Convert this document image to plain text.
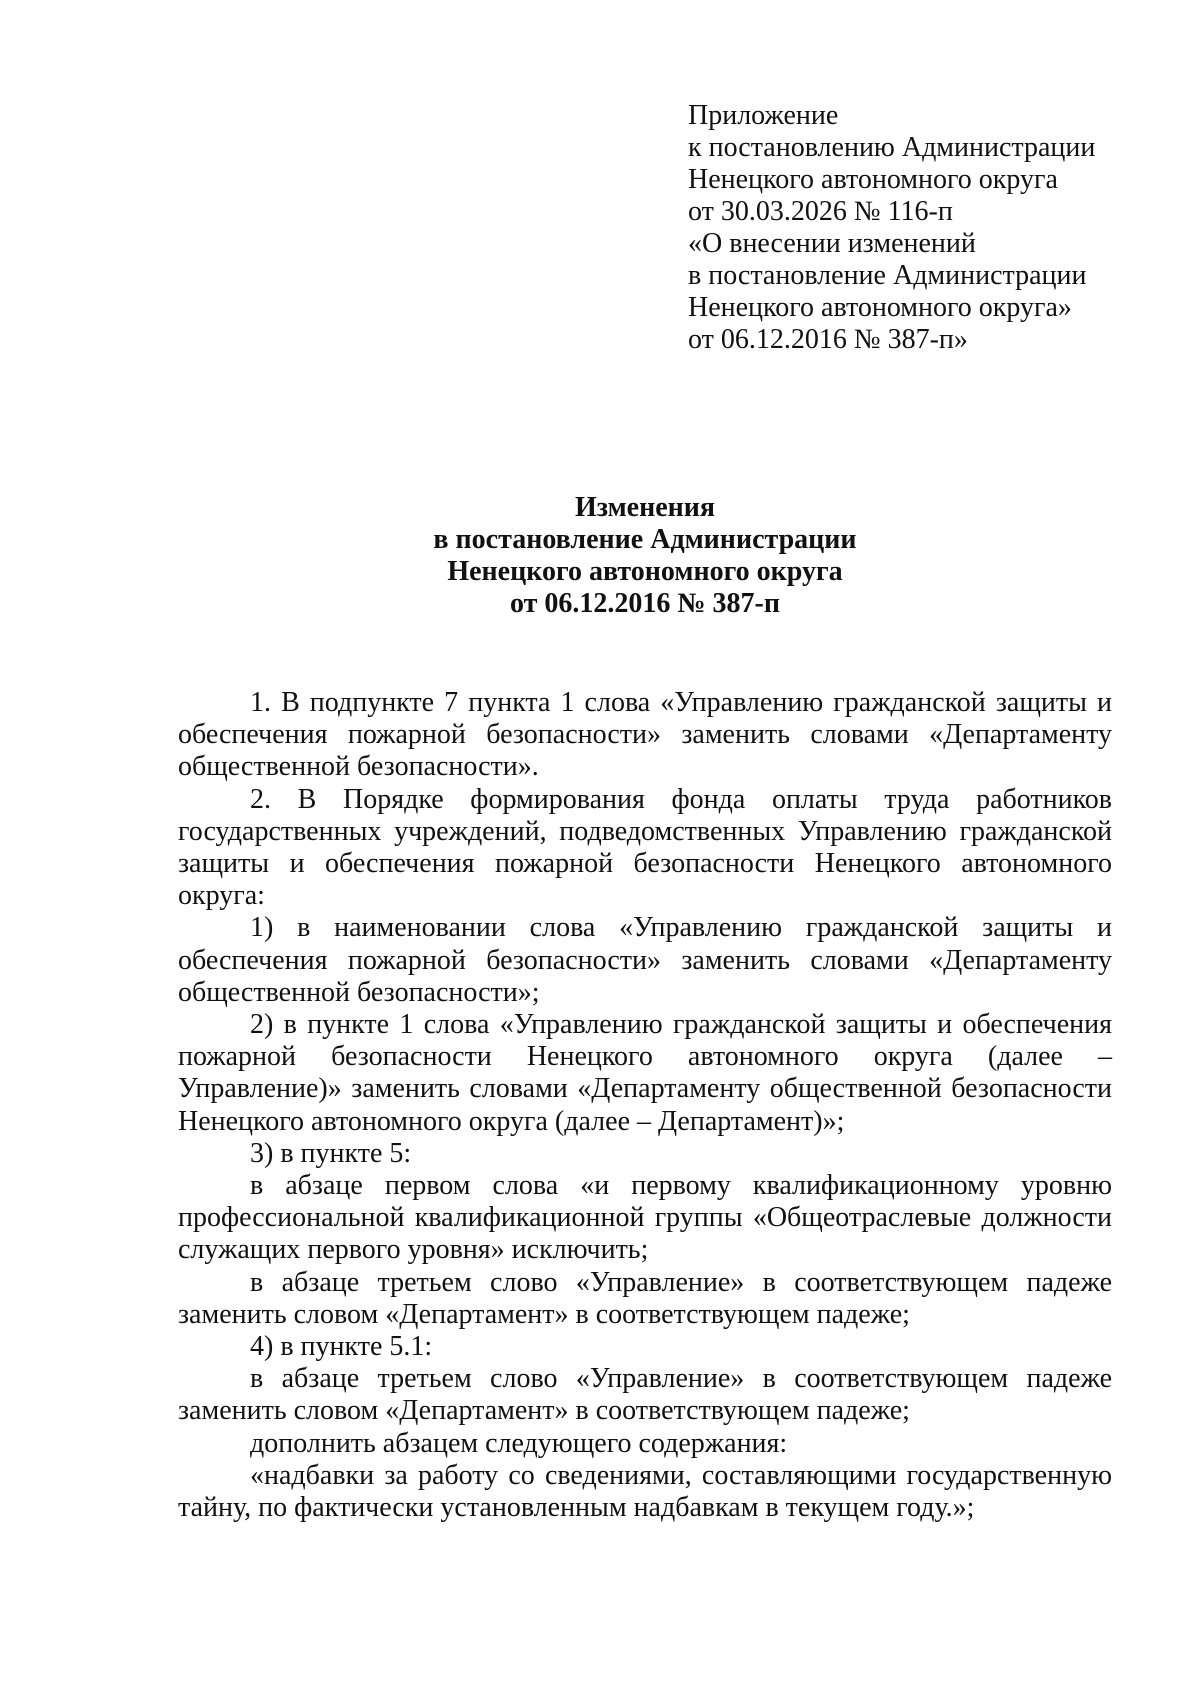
Приложение
к постановлению Администрации
Ненецкого автономного округа
от 30.03.2026 № 116-п
«О внесении изменений
в постановление Администрации
Ненецкого автономного округа»
от 06.12.2016 № 387-п»
Изменения
в постановление Администрации
Ненецкого автономного округа
от 06.12.2016 № 387-п

1. В подпункте 7 пункта 1 слова «Управлению гражданской защиты и обеспечения пожарной безопасности» заменить словами «Департаменту общественной безопасности».

2. В Порядке формирования фонда оплаты труда работников государственных учреждений, подведомственных Управлению гражданской защиты и обеспечения пожарной безопасности Ненецкого автономного округа:

1) в наименовании слова «Управлению гражданской защиты и обеспечения пожарной безопасности» заменить словами «Департаменту общественной безопасности»;

2) в пункте 1 слова «Управлению гражданской защиты и обеспечения пожарной безопасности Ненецкого автономного округа (далее – Управление)» заменить словами «Департаменту общественной безопасности Ненецкого автономного округа (далее – Департамент)»;

3) в пункте 5:

в абзаце первом слова «и первому квалификационному уровню профессиональной квалификационной группы «Общеотраслевые должности служащих первого уровня» исключить;

в абзаце третьем слово «Управление» в соответствующем падеже заменить словом «Департамент» в соответствующем падеже;

4) в пункте 5.1:

в абзаце третьем слово «Управление» в соответствующем падеже заменить словом «Департамент» в соответствующем падеже;

дополнить абзацем следующего содержания:

«надбавки за работу со сведениями, составляющими государственную тайну, по фактически установленным надбавкам в текущем году.»;
